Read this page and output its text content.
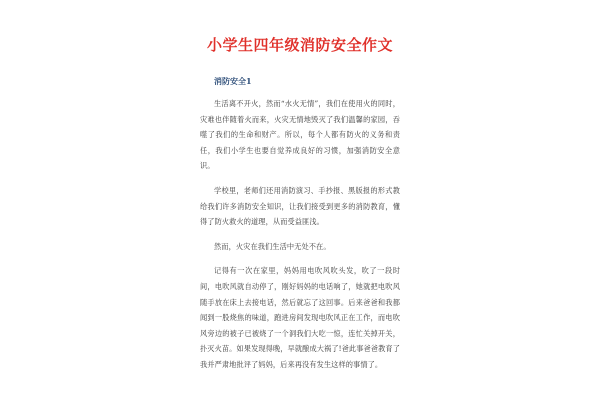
小学生四年级消防安全作文
消防安全1

生活离不开火，然而“水火无情”，我们在使用火的同时，灾难也伴随着火而来，火灾无情地毁灭了我们温馨的家园，吞噬了我们的生命和财产。所以，每个人都有防火的义务和责任，我们小学生也要自觉养成良好的习惯，加强消防安全意识。

学校里，老师们还用消防演习、手抄报、黑版报的形式教给我们许多消防安全知识，让我们接受到更多的消防教育，懂得了防火救火的道理，从而受益匪浅。

然而，火灾在我们生活中无处不在。

记得有一次在家里，妈妈用电吹风吹头发，吹了一段时间，电吹风就自动停了，刚好妈妈的电话响了，她就把电吹风随手放在床上去接电话，然后就忘了这回事。后来爸爸和我都闻到一股烧焦的味道，跑进房间发现电吹风正在工作，而电吹风旁边的被子已被烧了一个洞我们大吃一惊，连忙关掉开关，扑灭火苗。如果发现得晚，早就酿成大祸了!爸此事爸爸教育了我并严肃地批评了妈妈，后来再没有发生这样的事情了。
